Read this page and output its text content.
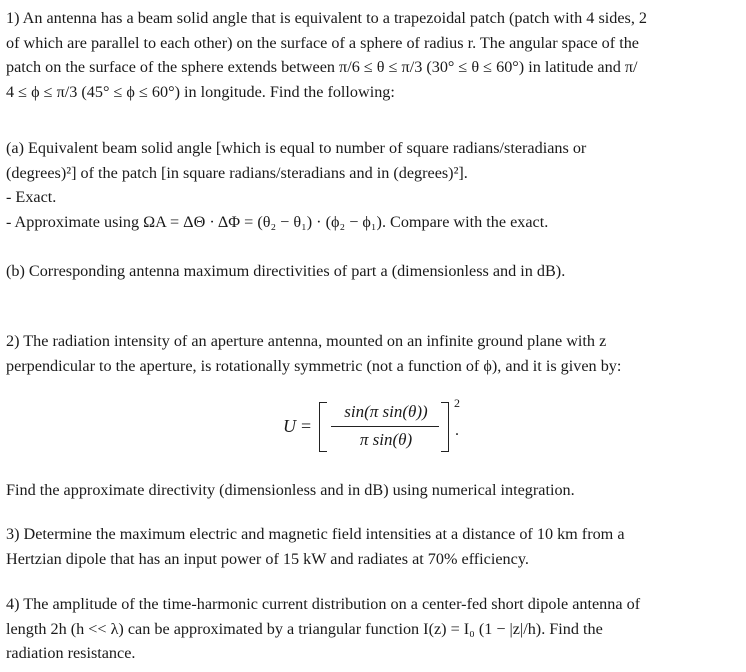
1) An antenna has a beam solid angle that is equivalent to a trapezoidal patch (patch with 4 sides, 2
of which are parallel to each other) on the surface of a sphere of radius r. The angular space of the
patch on the surface of the sphere extends between π/6 ≤ θ ≤ π/3 (30° ≤ θ ≤ 60°) in latitude and π/
4 ≤ ϕ ≤ π/3 (45° ≤ ϕ ≤ 60°) in longitude. Find the following:
(a) Equivalent beam solid angle [which is equal to number of square radians/steradians or
(degrees)²] of the patch [in square radians/steradians and in (degrees)²].
- Exact.
- Approximate using ΩA = ΔΘ · ΔΦ = (θ₂ − θ₁) · (ϕ₂ − ϕ₁). Compare with the exact.
(b) Corresponding antenna maximum directivities of part a (dimensionless and in dB).
2) The radiation intensity of an aperture antenna, mounted on an infinite ground plane with z
perpendicular to the aperture, is rotationally symmetric (not a function of ϕ), and it is given by:
U =
sin(π sin(θ))
π sin(θ)
2
.
Find the approximate directivity (dimensionless and in dB) using numerical integration.
3) Determine the maximum electric and magnetic field intensities at a distance of 10 km from a
Hertzian dipole that has an input power of 15 kW and radiates at 70% efficiency.
4) The amplitude of the time-harmonic current distribution on a center-fed short dipole antenna of
length 2h (h << λ) can be approximated by a triangular function I(z) = I₀ (1 − |z|/h). Find the
radiation resistance.
